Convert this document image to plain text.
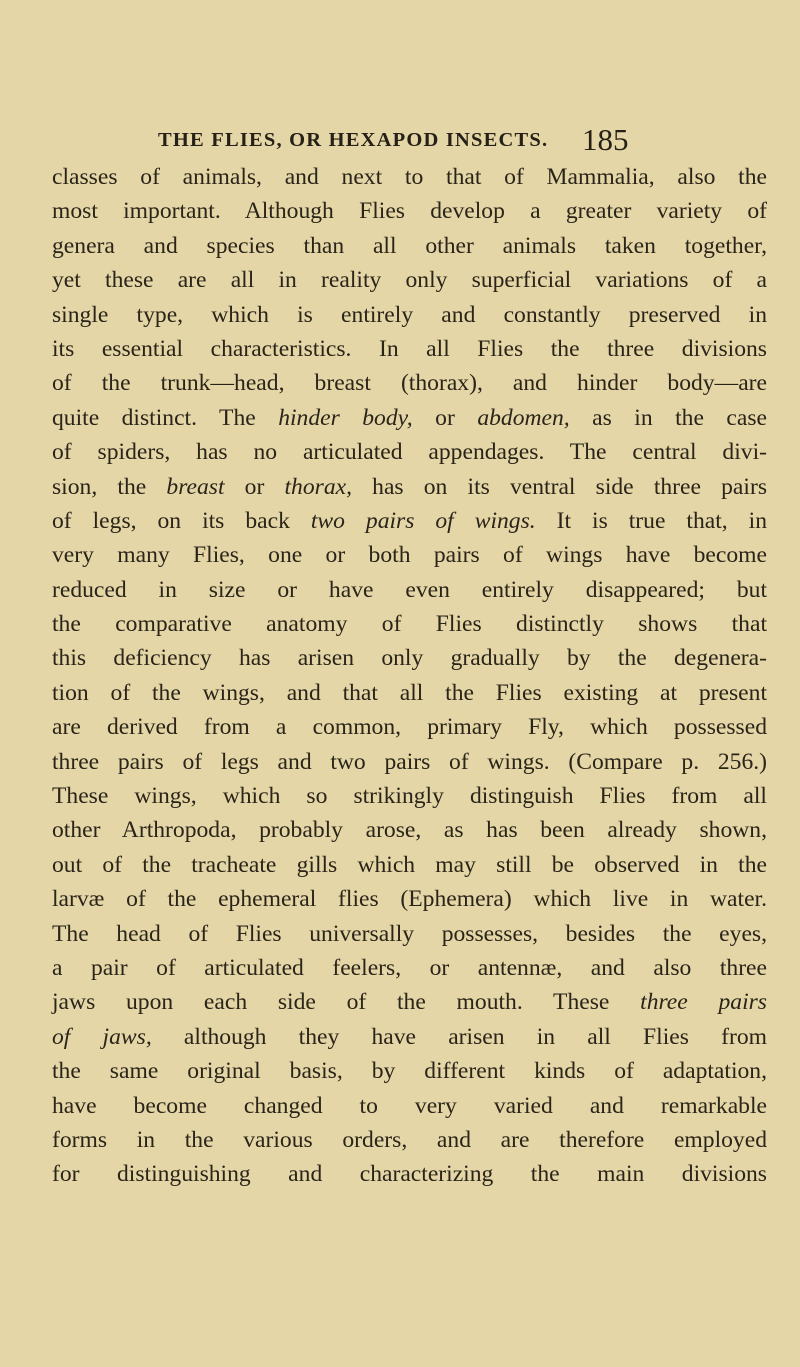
THE FLIES, OR HEXAPOD INSECTS. 185
classes of animals, and next to that of Mammalia, also the
most important. Although Flies develop a greater variety of
genera and species than all other animals taken together,
yet these are all in reality only superficial variations of a
single type, which is entirely and constantly preserved in
its essential characteristics. In all Flies the three divisions
of the trunk—head, breast (thorax), and hinder body—are
quite distinct. The hinder body, or abdomen, as in the case
of spiders, has no articulated appendages. The central divi-
sion, the breast or thorax, has on its ventral side three pairs
of legs, on its back two pairs of wings. It is true that, in
very many Flies, one or both pairs of wings have become
reduced in size or have even entirely disappeared; but
the comparative anatomy of Flies distinctly shows that
this deficiency has arisen only gradually by the degenera-
tion of the wings, and that all the Flies existing at present
are derived from a common, primary Fly, which possessed
three pairs of legs and two pairs of wings. (Compare p. 256.)
These wings, which so strikingly distinguish Flies from all
other Arthropoda, probably arose, as has been already shown,
out of the tracheate gills which may still be observed in the
larvæ of the ephemeral flies (Ephemera) which live in water.
The head of Flies universally possesses, besides the eyes,
a pair of articulated feelers, or antennæ, and also three
jaws upon each side of the mouth. These three pairs
of jaws, although they have arisen in all Flies from
the same original basis, by different kinds of adaptation,
have become changed to very varied and remarkable
forms in the various orders, and are therefore employed
for distinguishing and characterizing the main divisions
